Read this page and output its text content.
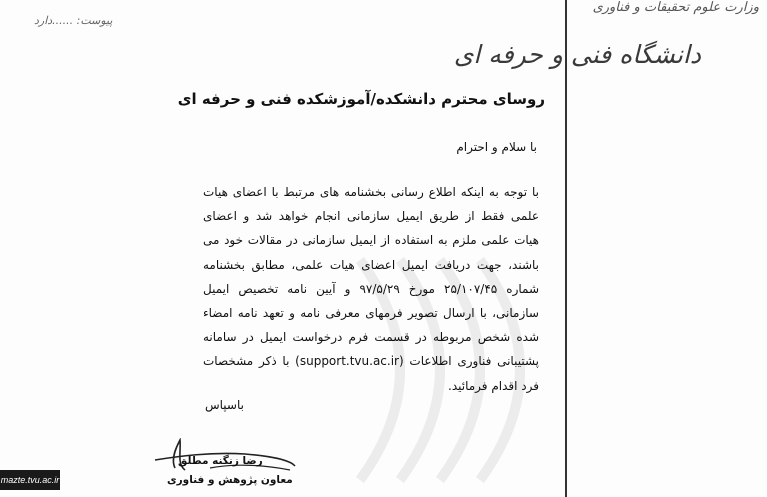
پیوست: ......دارد
وزارت علوم تحقیقات و فناوری
دانشگاه فنی و حرفه ای
روسای محترم دانشکده/آموزشکده فنی و حرفه ای
با سلام و احترام
با توجه به اینکه اطلاع رسانی بخشنامه های مرتبط با اعضای هیات علمی فقط از طریق ایمیل سازمانی انجام خواهد شد و اعضای هیات علمی ملزم به استفاده از ایمیل سازمانی در مقالات خود می باشند، جهت دریافت ایمیل اعضای هیات علمی، مطابق بخشنامه شماره ۲۵/۱۰۷/۴۵ مورخ ۹۷/۵/۲۹ و آیین نامه تخصیص ایمیل سازمانی، با ارسال تصویر فرمهای معرفی نامه و تعهد نامه امضاء شده شخص مربوطه در قسمت فرم درخواست ایمیل در سامانه پشتیبانی فناوری اطلاعات (support.tvu.ac.ir) با ذکر مشخصات فرد اقدام فرمائید.
باسپاس
رضا زنگنه مطلق
معاون پژوهش و فناوری
mazte.tvu.ac.ir
